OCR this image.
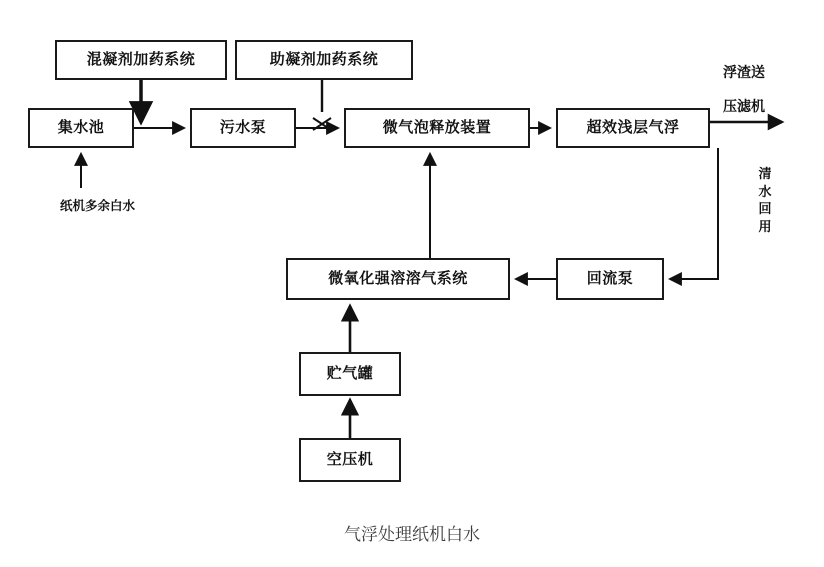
混凝剂加药系统	助凝剂加药系统
集水池	污水泵	微气泡释放装置	超效浅层气浮
微氧化强溶溶气系统	回流泵
贮气罐
空压机
纸机多余白水
浮渣送
压滤机
清水回用
气浮处理纸机白水
